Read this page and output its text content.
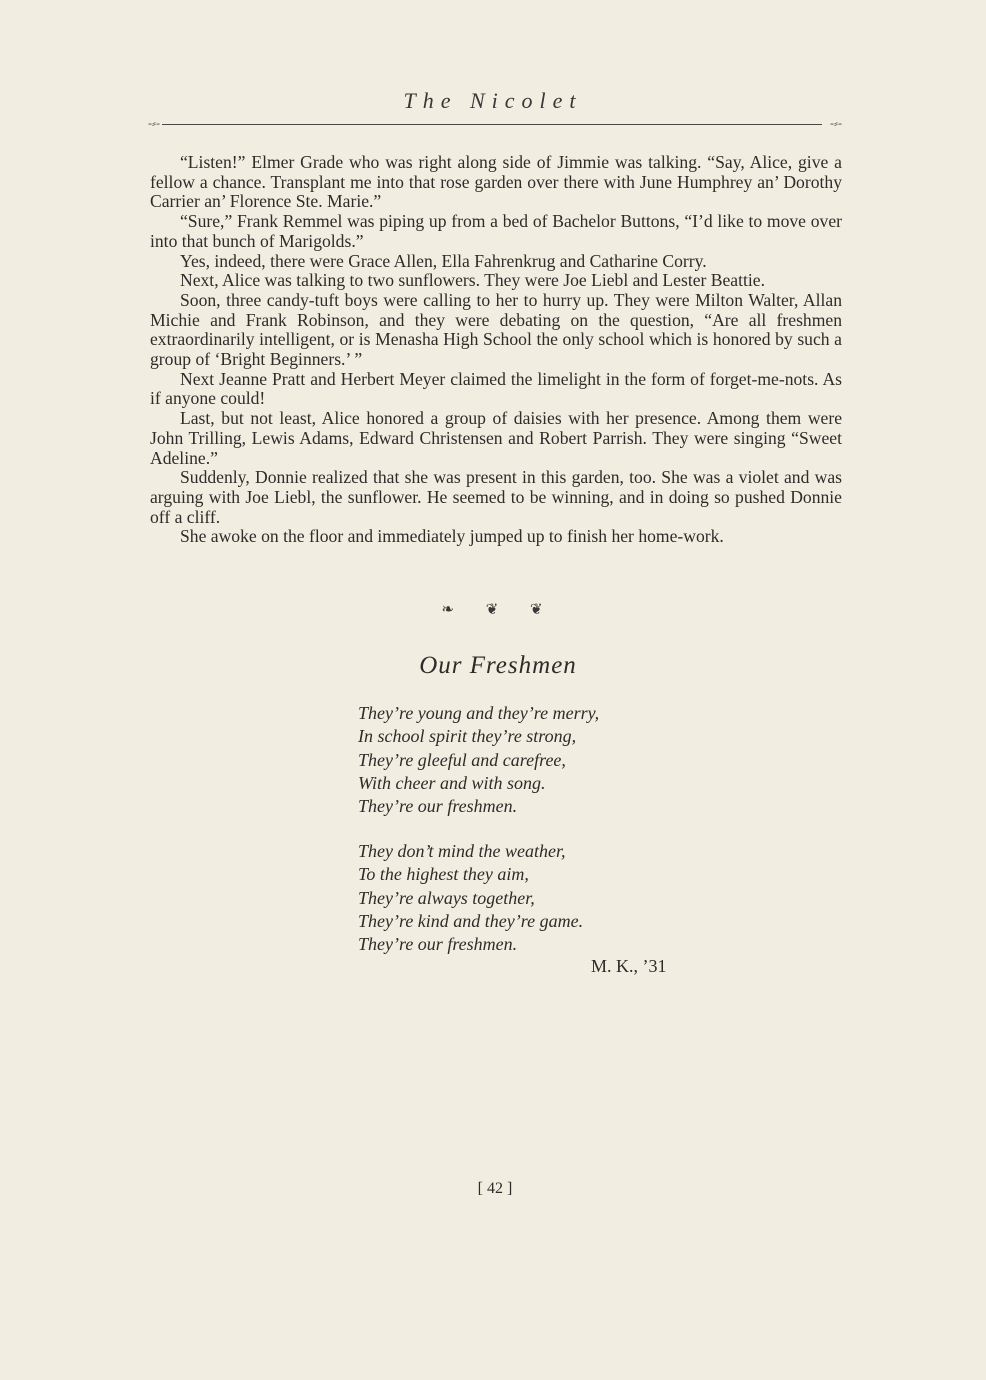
The Nicolet
-⸗-	-⸗-

“Listen!” Elmer Grade who was right along side of Jimmie was talking. “Say, Alice, give a fellow a chance. Transplant me into that rose garden over there with June Humphrey an’ Dorothy Carrier an’ Florence Ste. Marie.”

“Sure,” Frank Remmel was piping up from a bed of Bachelor Buttons, “I’d like to move over into that bunch of Marigolds.”

Yes, indeed, there were Grace Allen, Ella Fahrenkrug and Catharine Corry.

Next, Alice was talking to two sunflowers. They were Joe Liebl and Lester Beattie.

Soon, three candy-tuft boys were calling to her to hurry up. They were Milton Walter, Allan Michie and Frank Robinson, and they were debating on the question, “Are all freshmen extraordinarily intelligent, or is Menasha High School the only school which is honored by such a group of ‘Bright Beginners.’ ”

Next Jeanne Pratt and Herbert Meyer claimed the limelight in the form of forget-me-nots. As if anyone could!

Last, but not least, Alice honored a group of daisies with her presence. Among them were John Trilling, Lewis Adams, Edward Christensen and Robert Parrish. They were singing “Sweet Adeline.”

Suddenly, Donnie realized that she was present in this garden, too. She was a violet and was arguing with Joe Liebl, the sunflower. He seemed to be winning, and in doing so pushed Donnie off a cliff.

She awoke on the floor and immediately jumped up to finish her home-work.

❧ ❦ ❦
Our Freshmen
They’re young and they’re merry,
In school spirit they’re strong,
They’re gleeful and carefree,
With cheer and with song.
They’re our freshmen.
They don’t mind the weather,
To the highest they aim,
They’re always together,
They’re kind and they’re game.
They’re our freshmen.
M. K., ’31
[ 42 ]
